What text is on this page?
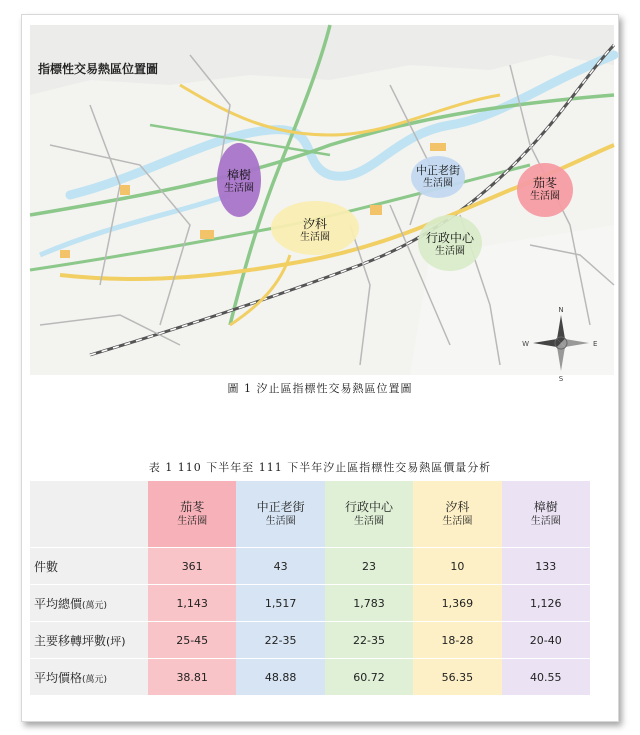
N
S
E
W
指標性交易熱區位置圖
樟樹
生活圈
汐科
生活圈
中正老街
生活圈
行政中心
生活圈
茄苳
生活圈
圖 1 汐止區指標性交易熱區位置圖
表 1 110 下半年至 111 下半年汐止區指標性交易熱區價量分析

	茄苳
生活圈	中正老街
生活圈	行政中心
生活圈	汐科
生活圈	樟樹
生活圈

件數	361	43	23	10	133
平均總價(萬元)	1,143	1,517	1,783	1,369	1,126
主要移轉坪數(坪)	25-45	22-35	22-35	18-28	20-40
平均價格(萬元)	38.81	48.88	60.72	56.35	40.55
